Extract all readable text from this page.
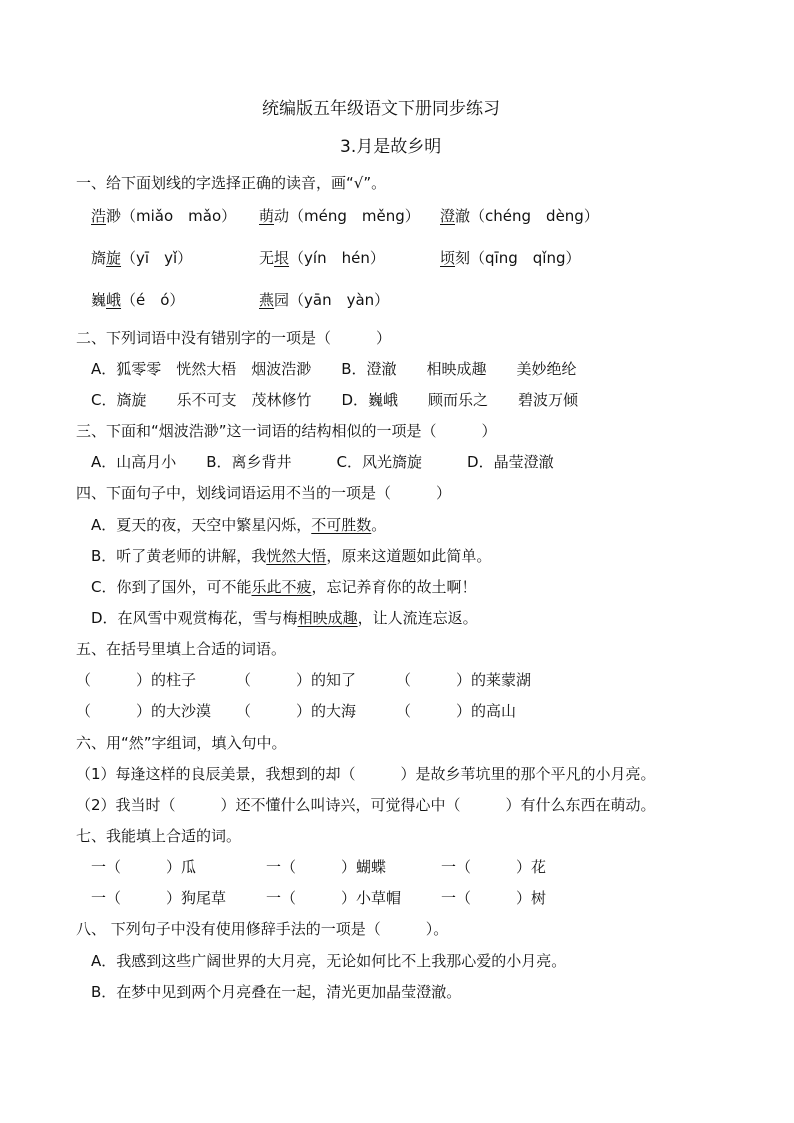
统编版五年级语文下册同步练习
3.月是故乡明
一、给下面划线的字选择正确的读音，画“√”。
浩渺（miǎo　mǎo） 萌动（méng　měng） 澄澈（chéng　dèng）
旖旋（yī　yǐ）	无垠（yín　hén）	顷刻（qīng　qǐng）
巍峨（é　ó）	燕园（yān　yàn）
二、下列词语中没有错别字的一项是（　　　）
A．狐零零　恍然大梧　烟波浩渺　　B．澄澈　　相映成趣　　美妙绝纶
C．旖旋　　乐不可支　茂林修竹　　D．巍峨　　顾而乐之　　碧波万倾
三、下面和“烟波浩渺”这一词语的结构相似的一项是（　　　）
A．山高月小　　B．离乡背井　　　C．风光旖旋　　　D．晶莹澄澈
四、下面句子中，划线词语运用不当的一项是（　　　）
A．夏天的夜，天空中繁星闪烁，不可胜数。
B．听了黄老师的讲解，我恍然大悟，原来这道题如此简单。
C．你到了国外，可不能乐此不疲，忘记养育你的故土啊！
D．在风雪中观赏梅花，雪与梅相映成趣，让人流连忘返。
五、在括号里填上合适的词语。
（　　　）的柱子	（　　　）的知了	（　　　）的莱蒙湖
（　　　）的大沙漠 （　　　）的大海	（　　　）的高山
六、用“然”字组词，填入句中。
（1）每逢这样的良辰美景，我想到的却（　　　）是故乡苇坑里的那个平凡的小月亮。
（2）我当时（　　　）还不懂什么叫诗兴，可觉得心中（　　　）有什么东西在萌动。
七、我能填上合适的词。
一（　　　）瓜	一（　　　）蝴蝶	一（　　　）花
一（　　　）狗尾草	一（　　　）小草帽	一（　　　）树
八、 下列句子中没有使用修辞手法的一项是（　　　）。
A．我感到这些广阔世界的大月亮，无论如何比不上我那心爱的小月亮。
B．在梦中见到两个月亮叠在一起，清光更加晶莹澄澈。
